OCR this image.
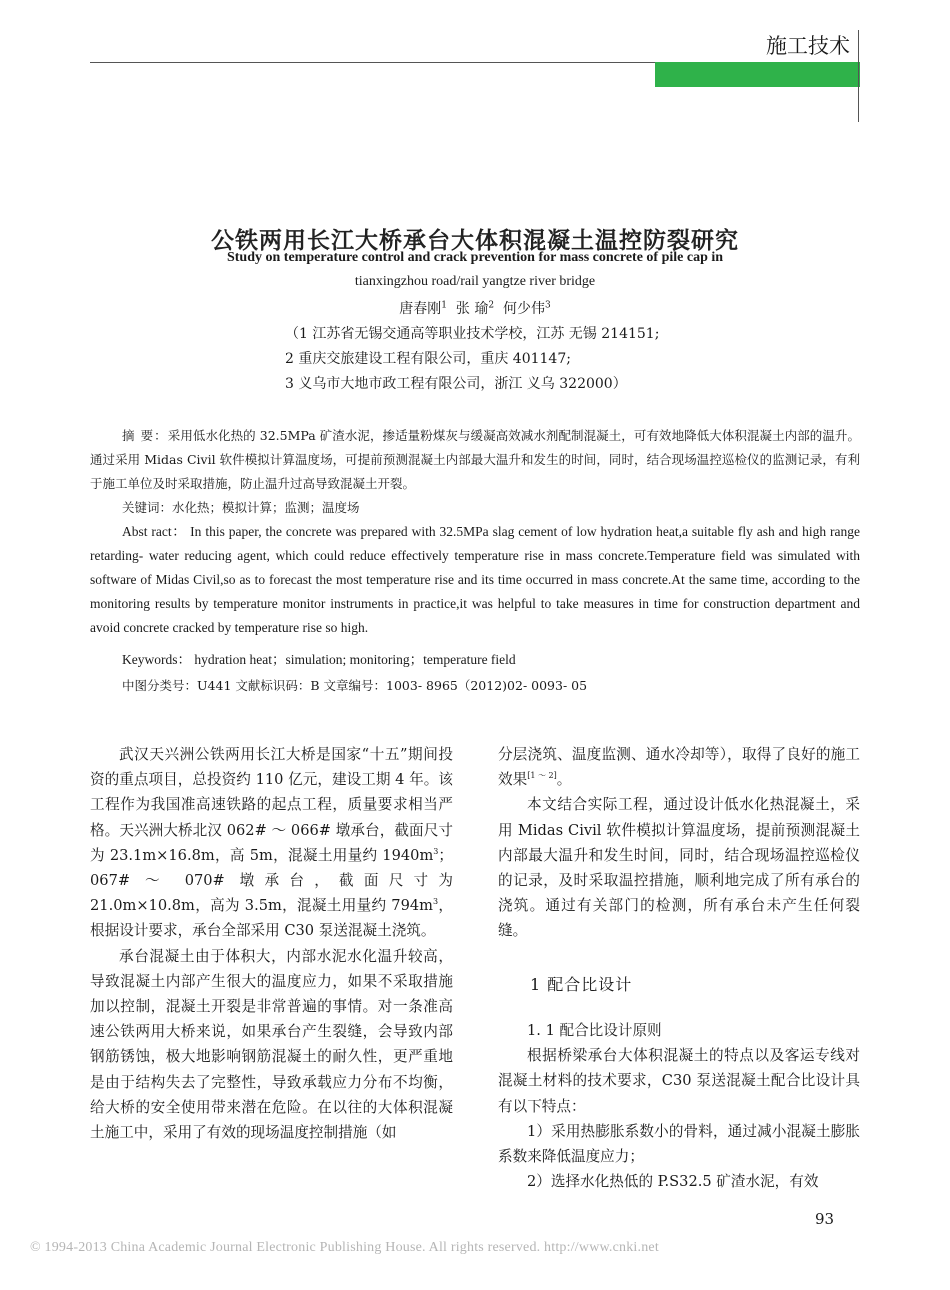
施工技术
公铁两用长江大桥承台大体积混凝土温控防裂研究
Study on temperature control and crack prevention for mass concrete of pile cap in
tianxingzhou road/rail yangtze river bridge
唐春刚$^1$ 张 瑜$^2$ 何少伟$^3$
（1 江苏省无锡交通高等职业技术学校，江苏 无锡 214151;
2 重庆交旅建设工程有限公司，重庆 401147;
3 义乌市大地市政工程有限公司，浙江 义乌 322000）

摘 要：采用低水化热的 32.5MPa 矿渣水泥，掺适量粉煤灰与缓凝高效减水剂配制混凝土，可有效地降低大体积混凝土内部的温升。通过采用 Midas Civil 软件模拟计算温度场，可提前预测混凝土内部最大温升和发生的时间，同时，结合现场温控巡检仪的监测记录，有利于施工单位及时采取措施，防止温升过高导致混凝土开裂。

关键词：水化热；模拟计算；监测；温度场

Abst ract： In this paper, the concrete was prepared with 32.5MPa slag cement of low hydration heat,a suitable fly ash and high range retarding- water reducing agent, which could reduce effectively temperature rise in mass concrete.Temperature field was simulated with software of Midas Civil,so as to forecast the most temperature rise and its time occurred in mass concrete.At the same time, according to the monitoring results by temperature monitor instruments in practice,it was helpful to take measures in time for construction department and avoid concrete cracked by temperature rise so high.

Keywords： hydration heat；simulation; monitoring；temperature field

中图分类号：U441 文献标识码：B 文章编号：1003- 8965（2012)02- 0093- 05

武汉天兴洲公铁两用长江大桥是国家“十五”期间投资的重点项目，总投资约 110 亿元，建设工期 4 年。该工程作为我国准高速铁路的起点工程，质量要求相当严格。天兴洲大桥北汉 062# ～ 066# 墩承台，截面尺寸为 23.1m×16.8m，高 5m，混凝土用量约 $1940m^3$；067# ～ 070# 墩承台，截面尺寸为 21.0m×10.8m，高为 3.5m，混凝土用量约 $794m^3$，根据设计要求，承台全部采用 C30 泵送混凝土浇筑。

承台混凝土由于体积大，内部水泥水化温升较高，导致混凝土内部产生很大的温度应力，如果不采取措施加以控制，混凝土开裂是非常普遍的事情。对一条准高速公铁两用大桥来说，如果承台产生裂缝，会导致内部钢筋锈蚀，极大地影响钢筋混凝土的耐久性，更严重地是由于结构失去了完整性，导致承载应力分布不均衡，给大桥的安全使用带来潜在危险。在以往的大体积混凝土施工中，采用了有效的现场温度控制措施（如

分层浇筑、温度监测、通水冷却等），取得了良好的施工效果[1 ～ 2]。

本文结合实际工程，通过设计低水化热混凝土，采用 Midas Civil 软件模拟计算温度场，提前预测混凝土内部最大温升和发生时间，同时，结合现场温控巡检仪的记录，及时采取温控措施，顺利地完成了所有承台的浇筑。通过有关部门的检测，所有承台未产生任何裂缝。

1 配合比设计

1. 1 配合比设计原则

根据桥梁承台大体积混凝土的特点以及客运专线对混凝土材料的技术要求，C30 泵送混凝土配合比设计具有以下特点：

1）采用热膨胀系数小的骨料，通过减小混凝土膨胀系数来降低温度应力；

2）选择水化热低的 P.S32.5 矿渣水泥，有效

93
© 1994-2013 China Academic Journal Electronic Publishing House. All rights reserved. http://www.cnki.net
